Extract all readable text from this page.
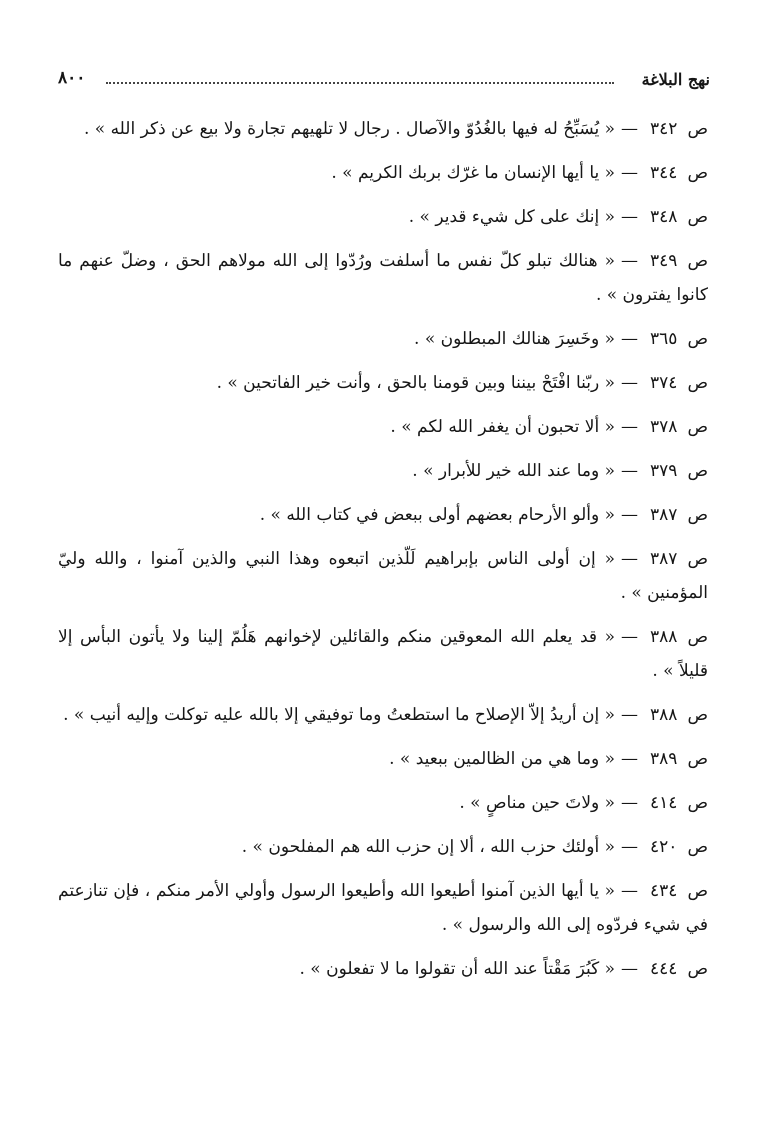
نهج البلاغة
٨٠٠
ص٣٤٢—« يُسَبِّحُ له فيها بالغُدُوّ والآصال . رجال لا تلهيهم تجارة ولا بيع عن ذكر الله » .
ص٣٤٤—« يا أيها الإنسان ما غرّك بربك الكريم » .
ص٣٤٨—« إنك على كل شيء قدير » .
ص٣٤٩—« هنالك تبلو كلّ نفس ما أسلفت ورُدّوا إلى الله مولاهم الحق ، وضلّ عنهم ما كانوا يفترون » .
ص٣٦٥—« وخَسِرَ هنالك المبطلون » .
ص٣٧٤—« ربّنا افْتَحْ بيننا وبين قومنا بالحق ، وأنت خير الفاتحين » .
ص٣٧٨—« ألا تحبون أن يغفر الله لكم » .
ص٣٧٩—« وما عند الله خير للأبرار » .
ص٣٨٧—« وألو الأرحام بعضهم أولى ببعض في كتاب الله » .
ص٣٨٧—« إن أولى الناس بإبراهيم لَلّذين اتبعوه وهذا النبي والذين آمنوا ، والله وليّ المؤمنين » .
ص٣٨٨—« قد يعلم الله المعوقين منكم والقائلين لإخوانهم هَلُمّ إلينا ولا يأتون البأس إلا قليلاً » .
ص٣٨٨—« إن أريدُ إلاّ الإصلاح ما استطعتُ وما توفيقي إلا بالله عليه توكلت وإليه أنيب » .
ص٣٨٩—« وما هي من الظالمين ببعيد » .
ص٤١٤—« ولاتَ حين مناصٍ » .
ص٤٢٠—« أولئك حزب الله ، ألا إن حزب الله هم المفلحون » .
ص٤٣٤—« يا أيها الذين آمنوا أطيعوا الله وأطيعوا الرسول وأولي الأمر منكم ، فإن تنازعتم في شيء فردّوه إلى الله والرسول » .
ص٤٤٤—« كَبُرَ مَقْتاً عند الله أن تقولوا ما لا تفعلون » .
